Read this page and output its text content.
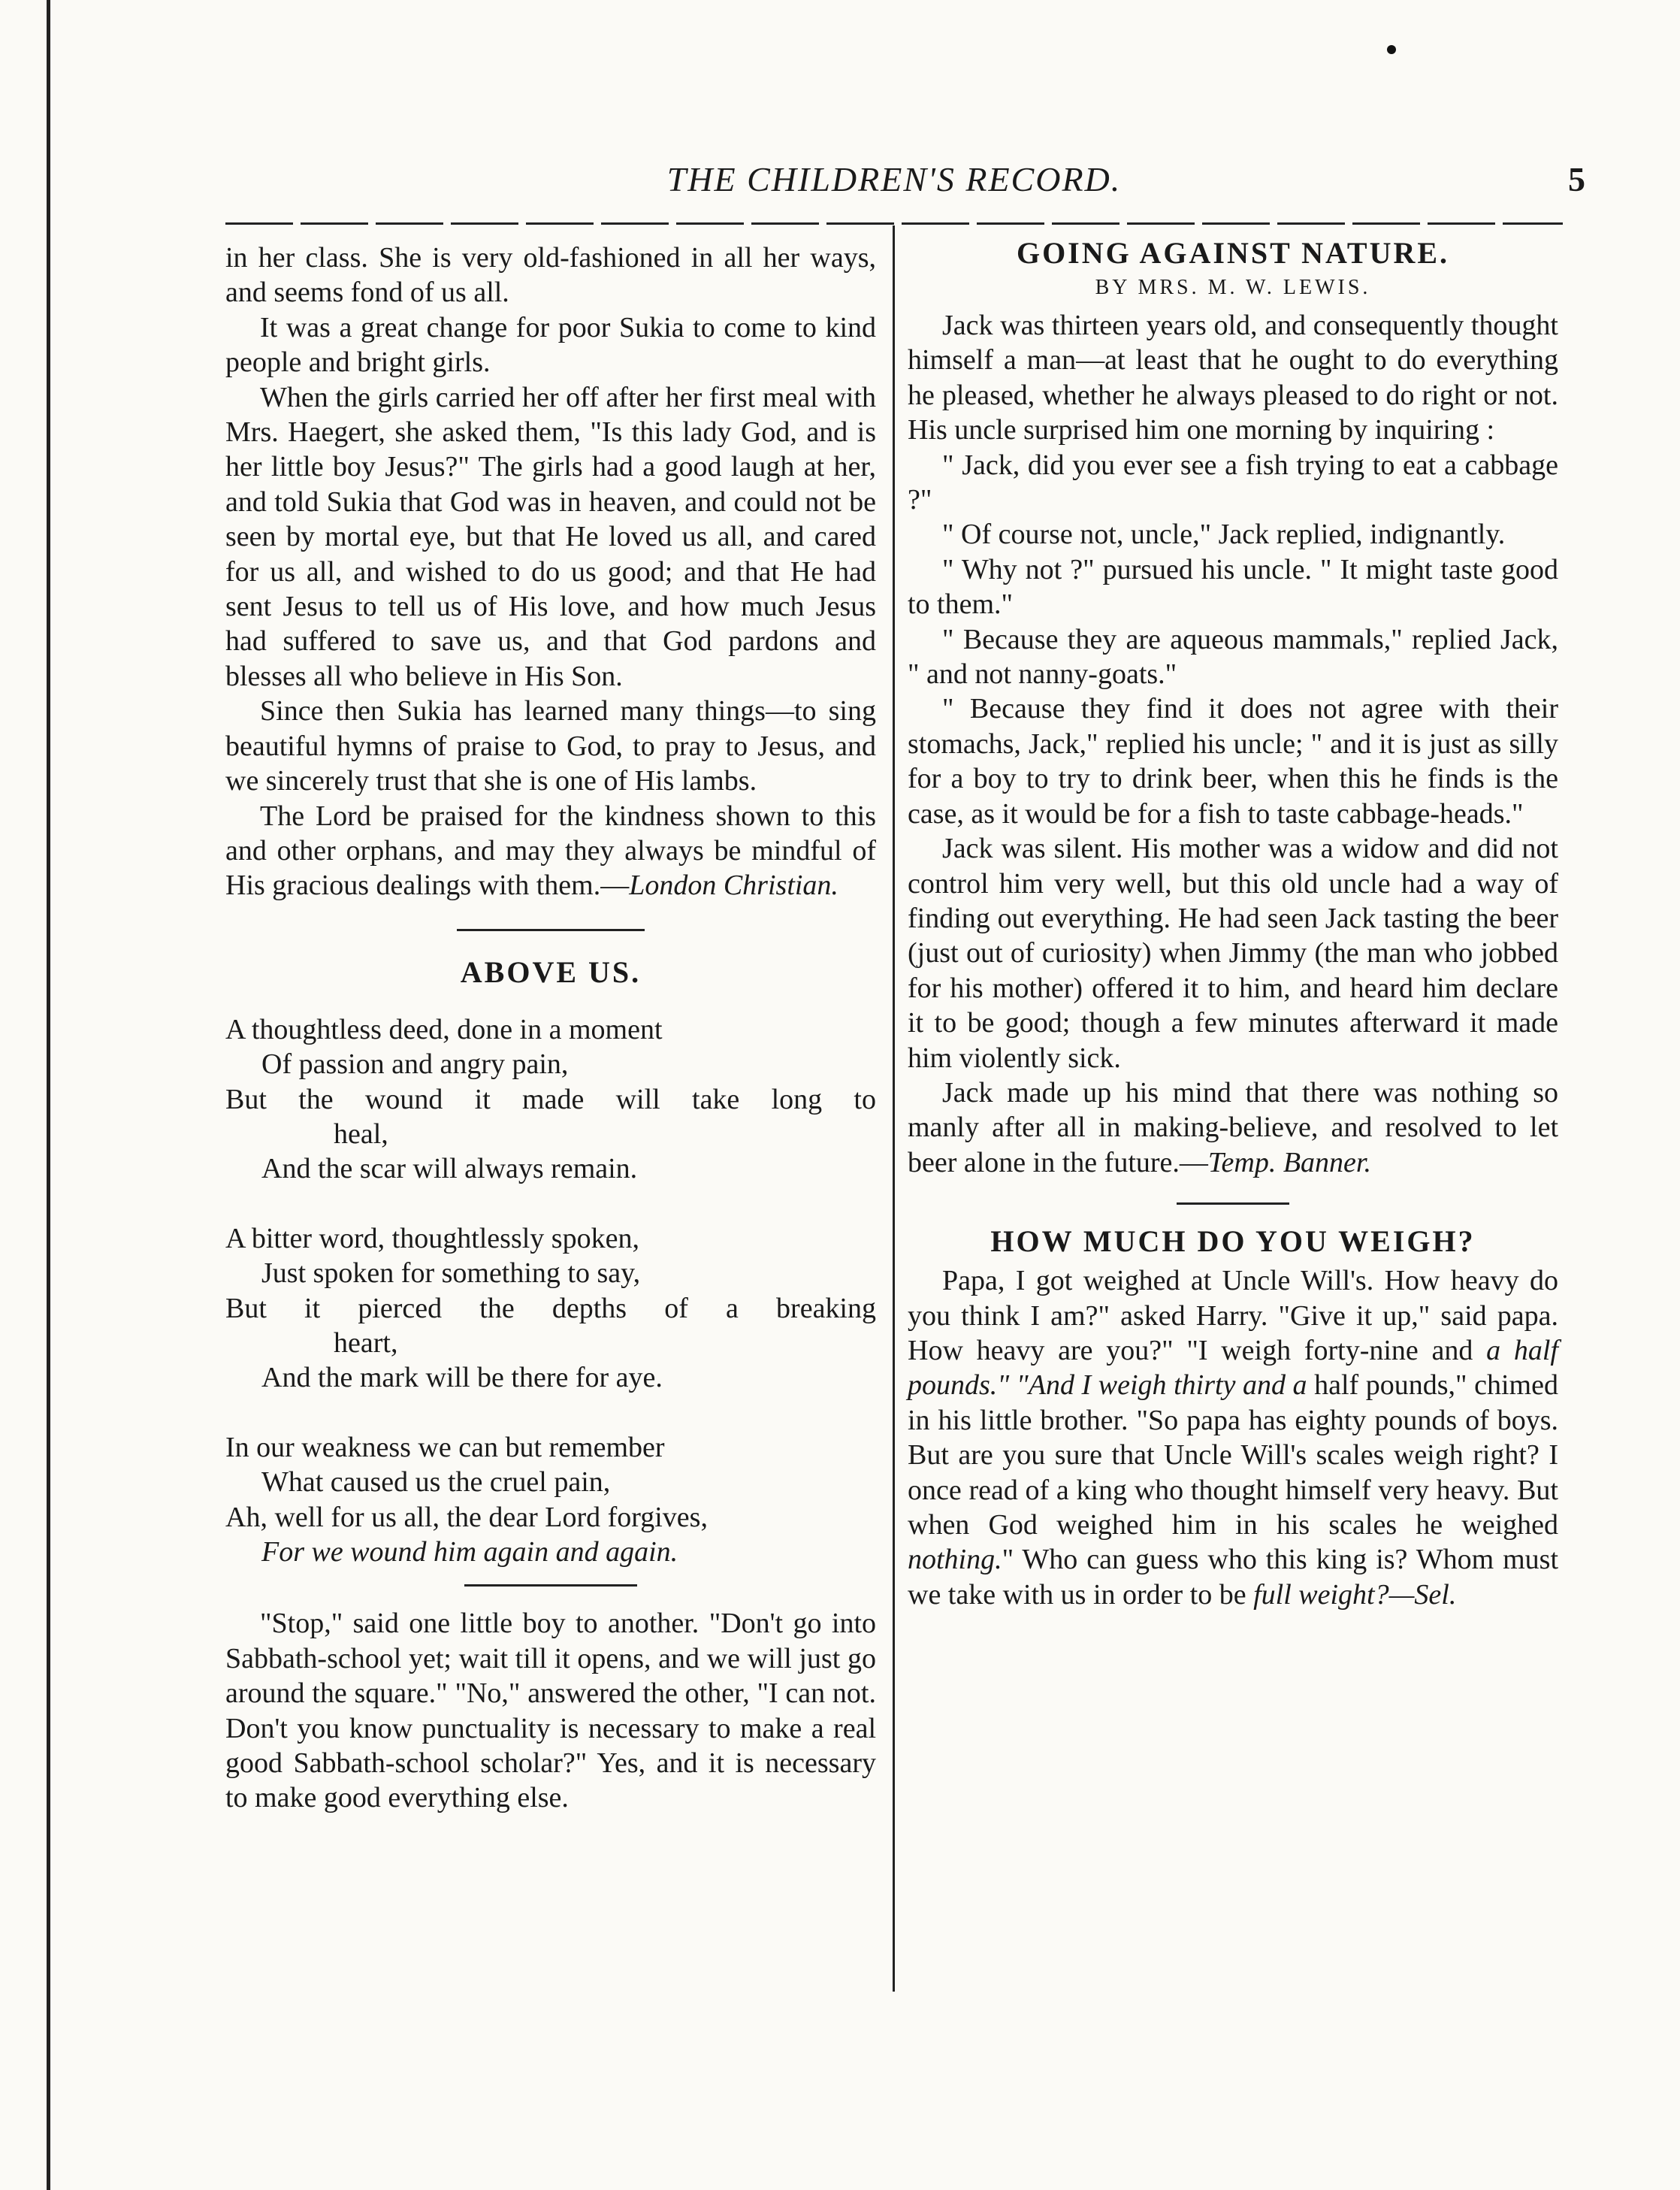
THE CHILDREN'S RECORD.	5

in her class. She is very old-fashioned in all her ways, and seems fond of us all.

It was a great change for poor Sukia to come to kind people and bright girls.

When the girls carried her off after her first meal with Mrs. Haegert, she asked them, "Is this lady God, and is her little boy Jesus?" The girls had a good laugh at her, and told Sukia that God was in heaven, and could not be seen by mortal eye, but that He loved us all, and cared for us all, and wished to do us good; and that He had sent Jesus to tell us of His love, and how much Jesus had suffered to save us, and that God pardons and blesses all who believe in His Son.

Since then Sukia has learned many things—to sing beautiful hymns of praise to God, to pray to Jesus, and we sincerely trust that she is one of His lambs.

The Lord be praised for the kindness shown to this and other orphans, and may they always be mindful of His gracious dealings with them.—London Christian.

ABOVE US.
A thoughtless deed, done in a moment
Of passion and angry pain,
But the wound it made will take long to
heal,
And the scar will always remain.
A bitter word, thoughtlessly spoken,
Just spoken for something to say,
But it pierced the depths of a breaking
heart,
And the mark will be there for aye.
In our weakness we can but remember
What caused us the cruel pain,
Ah, well for us all, the dear Lord forgives,
For we wound him again and again.

"Stop," said one little boy to another. "Don't go into Sabbath-school yet; wait till it opens, and we will just go around the square." "No," answered the other, "I can not. Don't you know punctuality is necessary to make a real good Sabbath-school scholar?" Yes, and it is necessary to make good everything else.

GOING AGAINST NATURE.
BY MRS. M. W. LEWIS.

Jack was thirteen years old, and consequently thought himself a man—at least that he ought to do everything he pleased, whether he always pleased to do right or not. His uncle surprised him one morning by inquiring :

" Jack, did you ever see a fish trying to eat a cabbage ?"

" Of course not, uncle," Jack replied, indignantly.

" Why not ?" pursued his uncle. " It might taste good to them."

" Because they are aqueous mammals," replied Jack, " and not nanny-goats."

" Because they find it does not agree with their stomachs, Jack," replied his uncle; " and it is just as silly for a boy to try to drink beer, when this he finds is the case, as it would be for a fish to taste cabbage-heads."

Jack was silent. His mother was a widow and did not control him very well, but this old uncle had a way of finding out everything. He had seen Jack tasting the beer (just out of curiosity) when Jimmy (the man who jobbed for his mother) offered it to him, and heard him declare it to be good; though a few minutes afterward it made him violently sick.

Jack made up his mind that there was nothing so manly after all in making-believe, and resolved to let beer alone in the future.—Temp. Banner.

HOW MUCH DO YOU WEIGH?

Papa, I got weighed at Uncle Will's. How heavy do you think I am?" asked Harry. "Give it up," said papa. How heavy are you?" "I weigh forty-nine and a half pounds." "And I weigh thirty and a half pounds," chimed in his little brother. "So papa has eighty pounds of boys. But are you sure that Uncle Will's scales weigh right? I once read of a king who thought himself very heavy. But when God weighed him in his scales he weighed nothing." Who can guess who this king is? Whom must we take with us in order to be full weight?—Sel.
